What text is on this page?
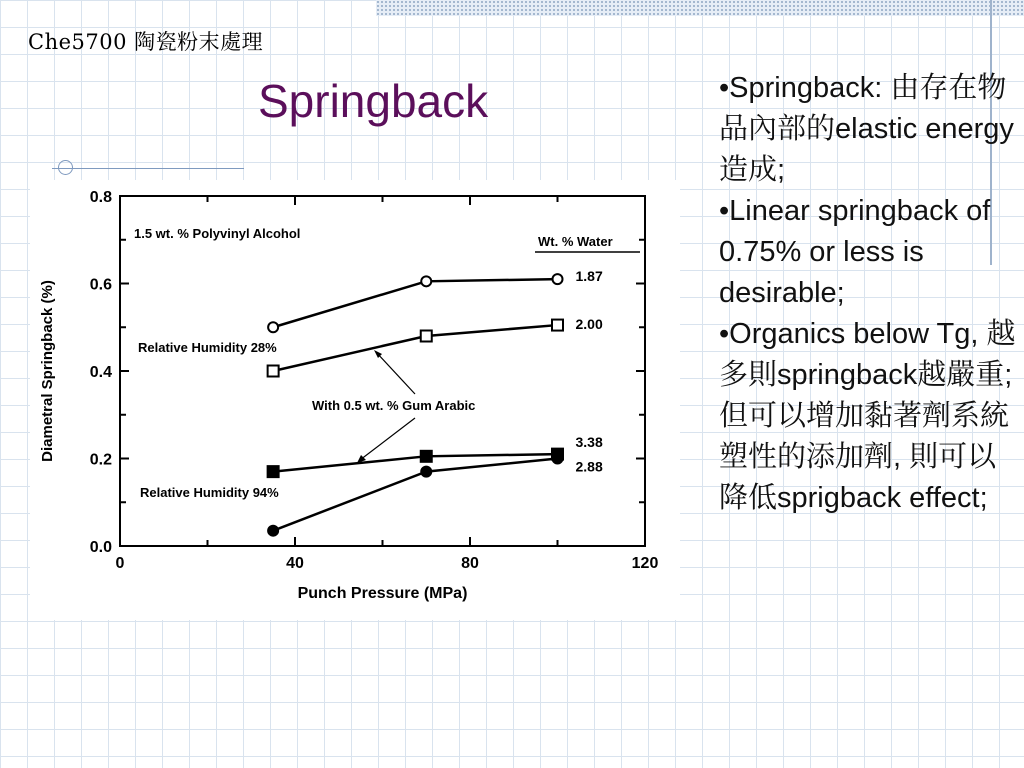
Che5700 陶瓷粉末處理
Springback
0	40	80	120
0.0
0.2
0.4
0.6
0.8
Punch Pressure (MPa)
Diametral Springback (%)
1.5 wt. % Polyvinyl Alcohol
Relative Humidity 28%
Relative Humidity 94%
With 0.5 wt. % Gum Arabic
Wt. % Water
1.87
2.00
3.38
2.88

•Springback: 由存在物品內部的elastic energy造成;

•Linear springback of 0.75% or less is desirable;

•Organics below Tg, 越多則springback越嚴重; 但可以增加黏著劑系統塑性的添加劑, 則可以降低sprigback effect;
